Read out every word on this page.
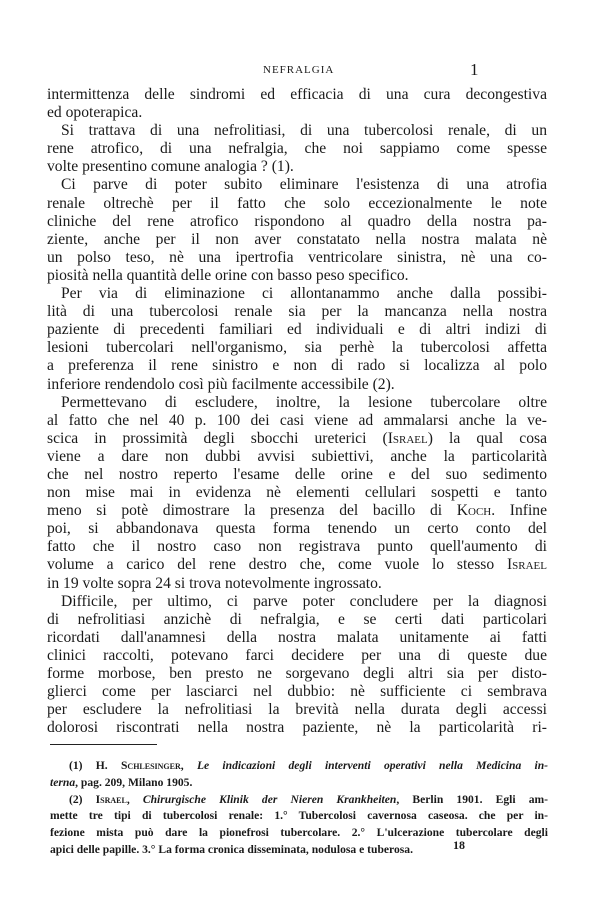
NEFRALGIA	1
intermittenza delle sindromi ed efficacia di una cura decongestiva
ed opoterapica.
Si trattava di una nefrolitiasi, di una tubercolosi renale, di un
rene atrofico, di una nefralgia, che noi sappiamo come spesse
volte presentino comune analogia ? (1).
Ci parve di poter subito eliminare l'esistenza di una atrofia
renale oltrechè per il fatto che solo eccezionalmente le note
cliniche del rene atrofico rispondono al quadro della nostra pa-
ziente, anche per il non aver constatato nella nostra malata nè
un polso teso, nè una ipertrofia ventricolare sinistra, nè una co-
piosità nella quantità delle orine con basso peso specifico.
Per via di eliminazione ci allontanammo anche dalla possibi-
lità di una tubercolosi renale sia per la mancanza nella nostra
paziente di precedenti familiari ed individuali e di altri indizi di
lesioni tubercolari nell'organismo, sia perhè la tubercolosi affetta
a preferenza il rene sinistro e non di rado si localizza al polo
inferiore rendendolo così più facilmente accessibile (2).
Permettevano di escludere, inoltre, la lesione tubercolare oltre
al fatto che nel 40 p. 100 dei casi viene ad ammalarsi anche la ve-
scica in prossimità degli sbocchi ureterici (Israel) la qual cosa
viene a dare non dubbi avvisi subiettivi, anche la particolarità
che nel nostro reperto l'esame delle orine e del suo sedimento
non mise mai in evidenza nè elementi cellulari sospetti e tanto
meno si potè dimostrare la presenza del bacillo di Koch. Infine
poi, si abbandonava questa forma tenendo un certo conto del
fatto che il nostro caso non registrava punto quell'aumento di
volume a carico del rene destro che, come vuole lo stesso Israel
in 19 volte sopra 24 si trova notevolmente ingrossato.
Difficile, per ultimo, ci parve poter concludere per la diagnosi
di nefrolitiasi anzichè di nefralgia, e se certi dati particolari
ricordati dall'anamnesi della nostra malata unitamente ai fatti
clinici raccolti, potevano farci decidere per una di queste due
forme morbose, ben presto ne sorgevano degli altri sia per disto-
glierci come per lasciarci nel dubbio: nè sufficiente ci sembrava
per escludere la nefrolitiasi la brevità nella durata degli accessi
dolorosi riscontrati nella nostra paziente, nè la particolarità ri-
(1) H. Schlesinger, Le indicazioni degli interventi operativi nella Medicina in-
terna, pag. 209, Milano 1905.
(2) Israel, Chirurgische Klinik der Nieren Krankheiten, Berlin 1901. Egli am-
mette tre tipi di tubercolosi renale: 1.° Tubercolosi cavernosa caseosa. che per in-
fezione mista può dare la pionefrosi tubercolare. 2.° L'ulcerazione tubercolare degli
apici delle papille. 3.° La forma cronica disseminata, nodulosa e tuberosa.	18
